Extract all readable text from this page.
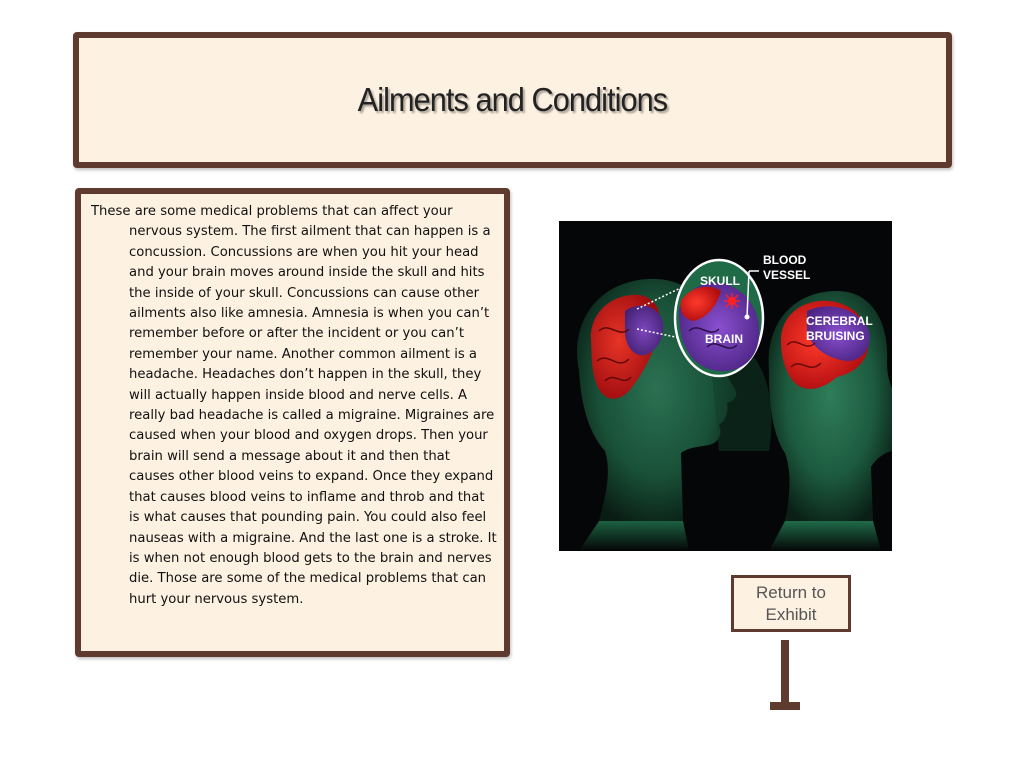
Ailments and Conditions

These are some medical problems that can affect your nervous system. The first ailment that can happen is a concussion. Concussions are when you hit your head and your brain moves around inside the skull and hits the inside of your skull. Concussions can cause other ailments also like amnesia. Amnesia is when you can’t remember before or after the incident or you can’t remember your name. Another common ailment is a headache. Headaches don’t happen in the skull, they will actually happen inside blood and nerve cells. A really bad headache is called a migraine. Migraines are caused when your blood and oxygen drops. Then your brain will send a message about it and then that causes other blood veins to expand. Once they expand that causes blood veins to inflame and throb and that is what causes that pounding pain. You could also feel nauseas with a migraine. And the last one is a stroke. It is when not enough blood gets to the brain and nerves die. Those are some of the medical problems that can hurt your nervous system.

BLOOD
VESSEL
SKULL
BRAIN
CEREBRAL
BRUISING
Return to
Exhibit
